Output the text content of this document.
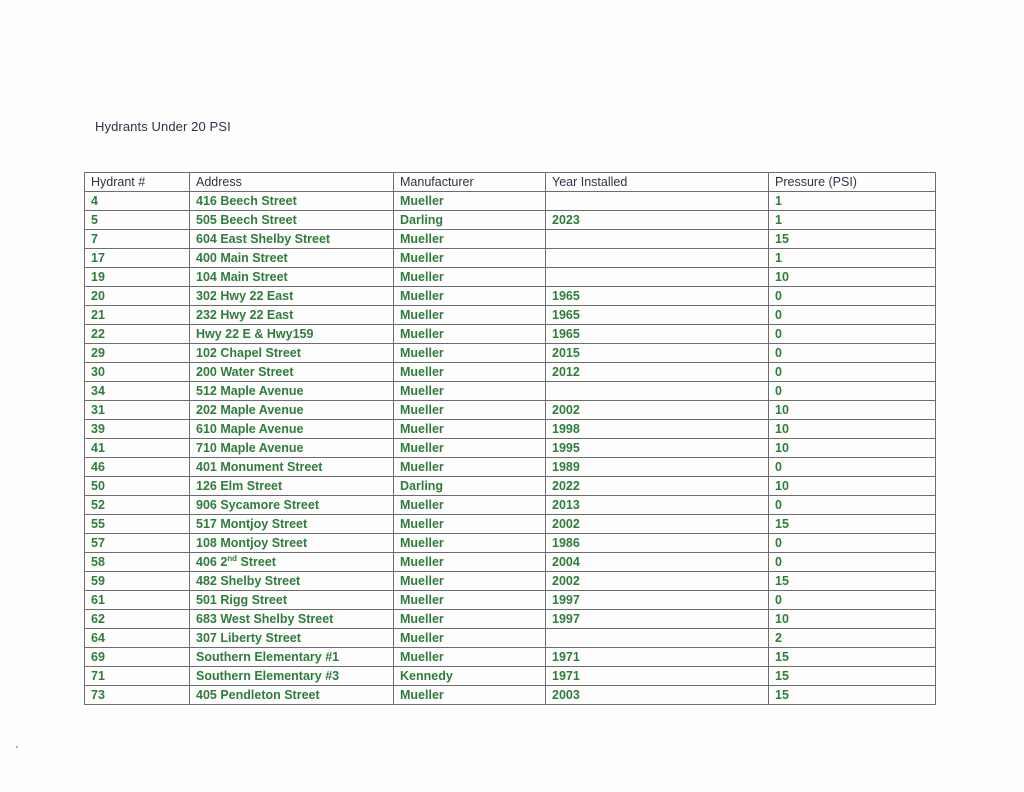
Hydrants Under 20 PSI
Hydrant #	Address	Manufacturer	Year Installed	Pressure (PSI)
4	416 Beech Street	Mueller		1
5	505 Beech Street	Darling	2023	1
7	604 East Shelby Street	Mueller		15
17	400 Main Street	Mueller		1
19	104 Main Street	Mueller		10
20	302 Hwy 22 East	Mueller	1965	0
21	232 Hwy 22 East	Mueller	1965	0
22	Hwy 22 E & Hwy159	Mueller	1965	0
29	102 Chapel Street	Mueller	2015	0
30	200 Water Street	Mueller	2012	0
34	512 Maple Avenue	Mueller		0
31	202 Maple Avenue	Mueller	2002	10
39	610 Maple Avenue	Mueller	1998	10
41	710 Maple Avenue	Mueller	1995	10
46	401 Monument Street	Mueller	1989	0
50	126 Elm Street	Darling	2022	10
52	906 Sycamore Street	Mueller	2013	0
55	517 Montjoy Street	Mueller	2002	15
57	108 Montjoy Street	Mueller	1986	0
58	406 2nd Street	Mueller	2004	0
59	482 Shelby Street	Mueller	2002	15
61	501 Rigg Street	Mueller	1997	0
62	683 West Shelby Street	Mueller	1997	10
64	307 Liberty Street	Mueller		2
69	Southern Elementary #1	Mueller	1971	15
71	Southern Elementary #3	Kennedy	1971	15
73	405 Pendleton Street	Mueller	2003	15
